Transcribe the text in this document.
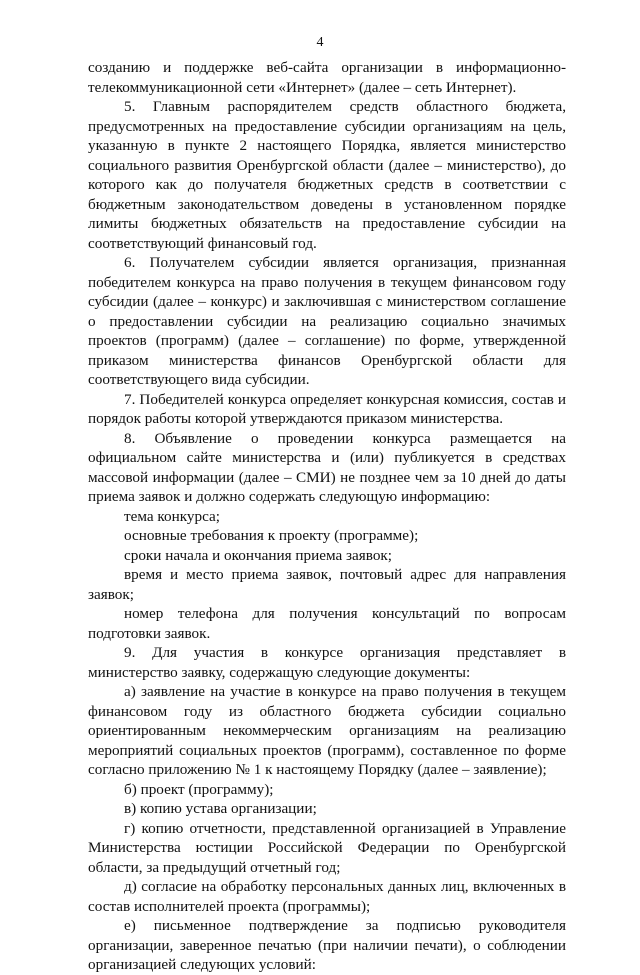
4

созданию и поддержке веб-сайта организации в информационно-телекоммуникационной сети «Интернет» (далее – сеть Интернет).

5. Главным распорядителем средств областного бюджета, предусмотренных на предоставление субсидии организациям на цель, указанную в пункте 2 настоящего Порядка, является министерство социального развития Оренбургской области (далее – министерство), до которого как до получателя бюджетных средств в соответствии с бюджетным законодательством доведены в установленном порядке лимиты бюджетных обязательств на предоставление субсидии на соответствующий финансовый год.

6. Получателем субсидии является организация, признанная победителем конкурса на право получения в текущем финансовом году субсидии (далее – конкурс) и заключившая с министерством соглашение о предоставлении субсидии на реализацию социально значимых проектов (программ) (далее – соглашение) по форме, утвержденной приказом министерства финансов Оренбургской области для соответствующего вида субсидии.

7. Победителей конкурса определяет конкурсная комиссия, состав и порядок работы которой утверждаются приказом министерства.

8. Объявление о проведении конкурса размещается на официальном сайте министерства и (или) публикуется в средствах массовой информации (далее – СМИ) не позднее чем за 10 дней до даты приема заявок и должно содержать следующую информацию:

тема конкурса;

основные требования к проекту (программе);

сроки начала и окончания приема заявок;

время и место приема заявок, почтовый адрес для направления заявок;

номер телефона для получения консультаций по вопросам подготовки заявок.

9. Для участия в конкурсе организация представляет в министерство заявку, содержащую следующие документы:

а) заявление на участие в конкурсе на право получения в текущем финансовом году из областного бюджета субсидии социально ориентированным некоммерческим организациям на реализацию мероприятий социальных проектов (программ), составленное по форме согласно приложению № 1 к настоящему Порядку (далее – заявление);

б) проект (программу);

в) копию устава организации;

г) копию отчетности, представленной организацией в Управление Министерства юстиции Российской Федерации по Оренбургской области, за предыдущий отчетный год;

д) согласие на обработку персональных данных лиц, включенных в состав исполнителей проекта (программы);

е) письменное подтверждение за подписью руководителя организации, заверенное печатью (при наличии печати), о соблюдении организацией следующих условий:
